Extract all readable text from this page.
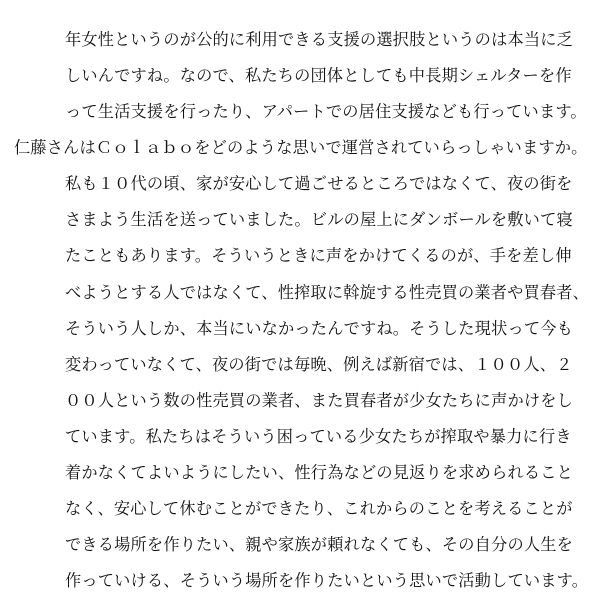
年女性というのが公的に利用できる支援の選択肢というのは本当に乏
しいんですね。なので、私たちの団体としても中長期シェルターを作
って生活支援を行ったり、アパートでの居住支援なども行っています。
仁藤さんはＣｏｌａｂｏをどのような思いで運営されていらっしゃいますか。
私も１０代の頃、家が安心して過ごせるところではなくて、夜の街を
さまよう生活を送っていました。ビルの屋上にダンボールを敷いて寝
たこともあります。そういうときに声をかけてくるのが、手を差し伸
べようとする人ではなくて、性搾取に斡旋する性売買の業者や買春者、
そういう人しか、本当にいなかったんですね。そうした現状って今も
変わっていなくて、夜の街では毎晩、例えば新宿では、１００人、２
００人という数の性売買の業者、また買春者が少女たちに声かけをし
ています。私たちはそういう困っている少女たちが搾取や暴力に行き
着かなくてよいようにしたい、性行為などの見返りを求められること
なく、安心して休むことができたり、これからのことを考えることが
できる場所を作りたい、親や家族が頼れなくても、その自分の人生を
作っていける、そういう場所を作りたいという思いで活動しています。
